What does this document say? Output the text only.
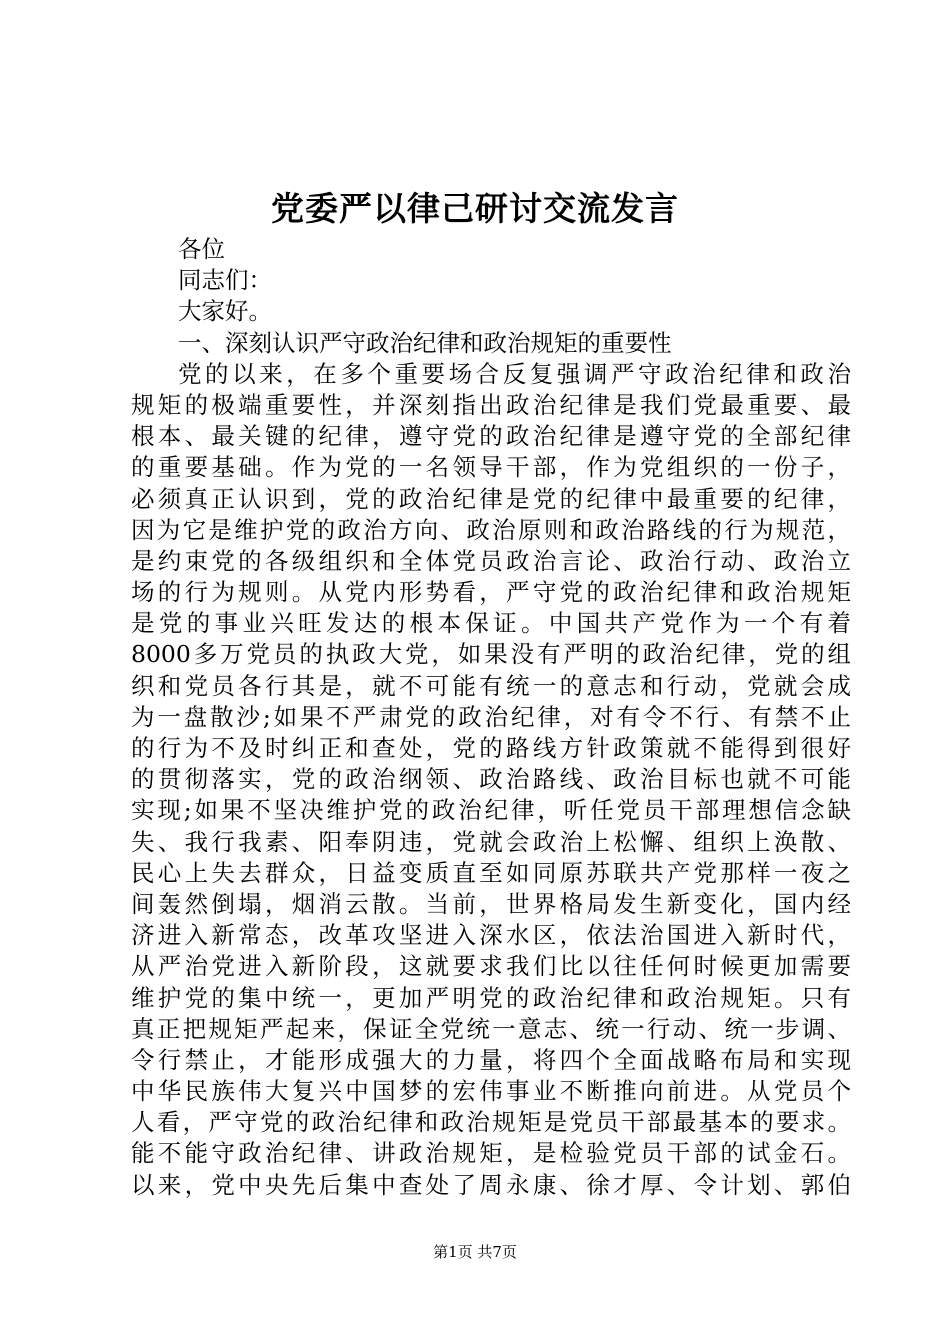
党委严以律己研讨交流发言
各位
同志们：
大家好。
一、深刻认识严守政治纪律和政治规矩的重要性
党的以来，在多个重要场合反复强调严守政治纪律和政治
规矩的极端重要性，并深刻指出政治纪律是我们党最重要、最
根本、最关键的纪律，遵守党的政治纪律是遵守党的全部纪律
的重要基础。作为党的一名领导干部，作为党组织的一份子，
必须真正认识到，党的政治纪律是党的纪律中最重要的纪律，
因为它是维护党的政治方向、政治原则和政治路线的行为规范，
是约束党的各级组织和全体党员政治言论、政治行动、政治立
场的行为规则。从党内形势看，严守党的政治纪律和政治规矩
是党的事业兴旺发达的根本保证。中国共产党作为一个有着
8000多万党员的执政大党，如果没有严明的政治纪律，党的组
织和党员各行其是，就不可能有统一的意志和行动，党就会成
为一盘散沙;如果不严肃党的政治纪律，对有令不行、有禁不止
的行为不及时纠正和查处，党的路线方针政策就不能得到很好
的贯彻落实，党的政治纲领、政治路线、政治目标也就不可能
实现;如果不坚决维护党的政治纪律，听任党员干部理想信念缺
失、我行我素、阳奉阴违，党就会政治上松懈、组织上涣散、
民心上失去群众，日益变质直至如同原苏联共产党那样一夜之
间轰然倒塌，烟消云散。当前，世界格局发生新变化，国内经
济进入新常态，改革攻坚进入深水区，依法治国进入新时代，
从严治党进入新阶段，这就要求我们比以往任何时候更加需要
维护党的集中统一，更加严明党的政治纪律和政治规矩。只有
真正把规矩严起来，保证全党统一意志、统一行动、统一步调、
令行禁止，才能形成强大的力量，将四个全面战略布局和实现
中华民族伟大复兴中国梦的宏伟事业不断推向前进。从党员个
人看，严守党的政治纪律和政治规矩是党员干部最基本的要求。
能不能守政治纪律、讲政治规矩，是检验党员干部的试金石。
以来，党中央先后集中查处了周永康、徐才厚、令计划、郭伯
第1页 共7页
